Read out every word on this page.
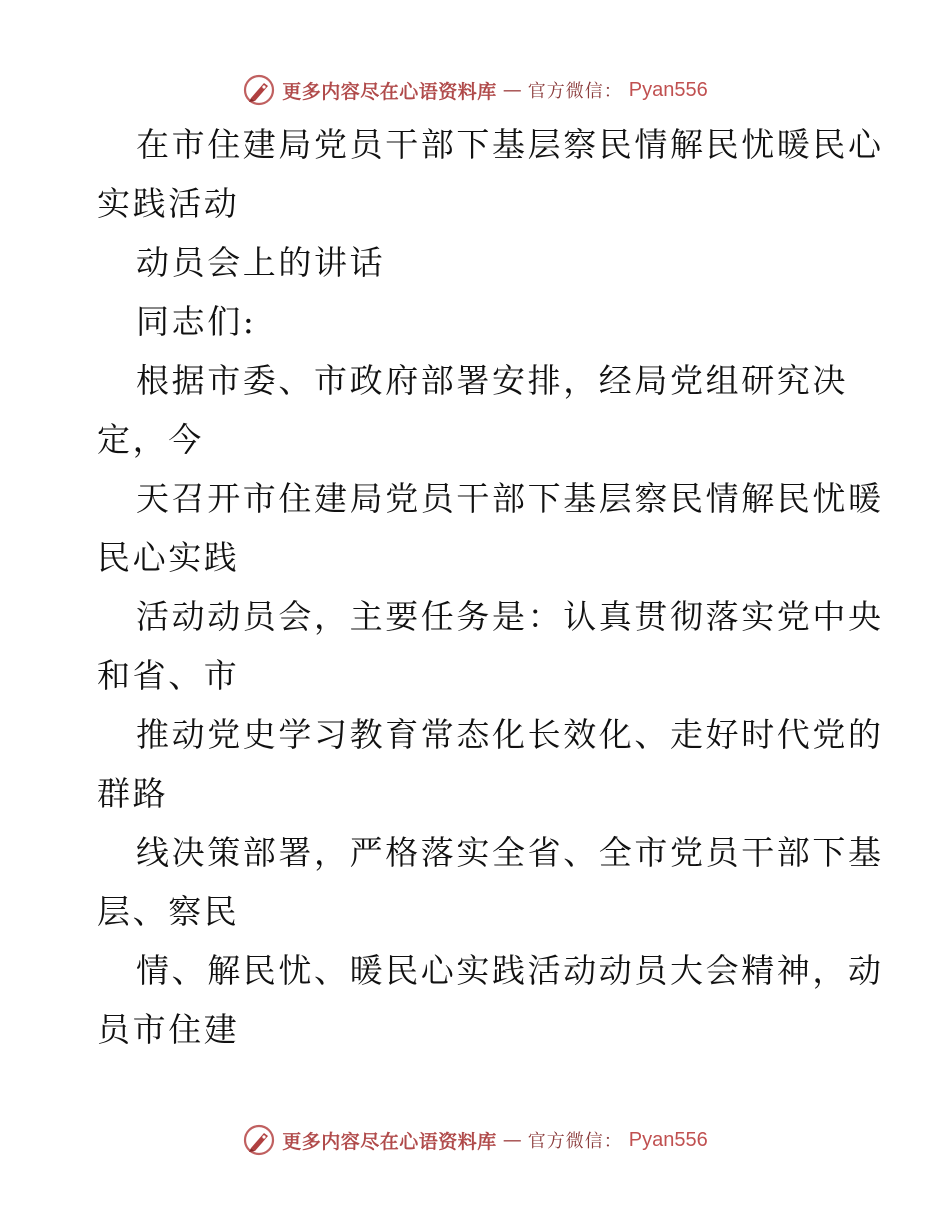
更多内容尽在心语资料库 — 官方微信： Pyan556
在市住建局党员干部下基层察民情解民忧暖民心
实践活动
动员会上的讲话
同志们:
根据市委、市政府部署安排，经局党组研究决
定，今
天召开市住建局党员干部下基层察民情解民忧暖
民心实践
活动动员会，主要任务是：认真贯彻落实党中央
和省、市
推动党史学习教育常态化长效化、走好时代党的
群路
线决策部署，严格落实全省、全市党员干部下基
层、察民
情、解民忧、暖民心实践活动动员大会精神，动
员市住建
更多内容尽在心语资料库 — 官方微信： Pyan556
